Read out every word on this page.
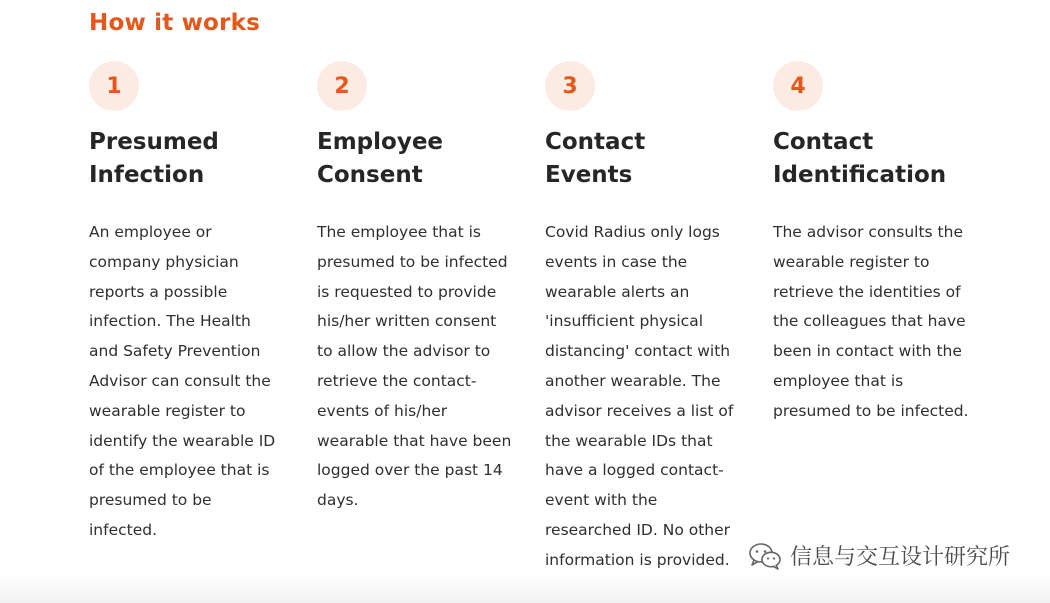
How it works
1
Presumed
Infection

An employee or
company physician
reports a possible
infection. The Health
and Safety Prevention
Advisor can consult the
wearable register to
identify the wearable ID
of the employee that is
presumed to be
infected.

2
Employee
Consent

The employee that is
presumed to be infected
is requested to provide
his/her written consent
to allow the advisor to
retrieve the contact-
events of his/her
wearable that have been
logged over the past 14
days.

3
Contact
Events

Covid Radius only logs
events in case the
wearable alerts an
'insufficient physical
distancing' contact with
another wearable. The
advisor receives a list of
the wearable IDs that
have a logged contact-
event with the
researched ID. No other
information is provided.

4
Contact
Identification

The advisor consults the
wearable register to
retrieve the identities of
the colleagues that have
been in contact with the
employee that is
presumed to be infected.

信息与交互设计研究所
